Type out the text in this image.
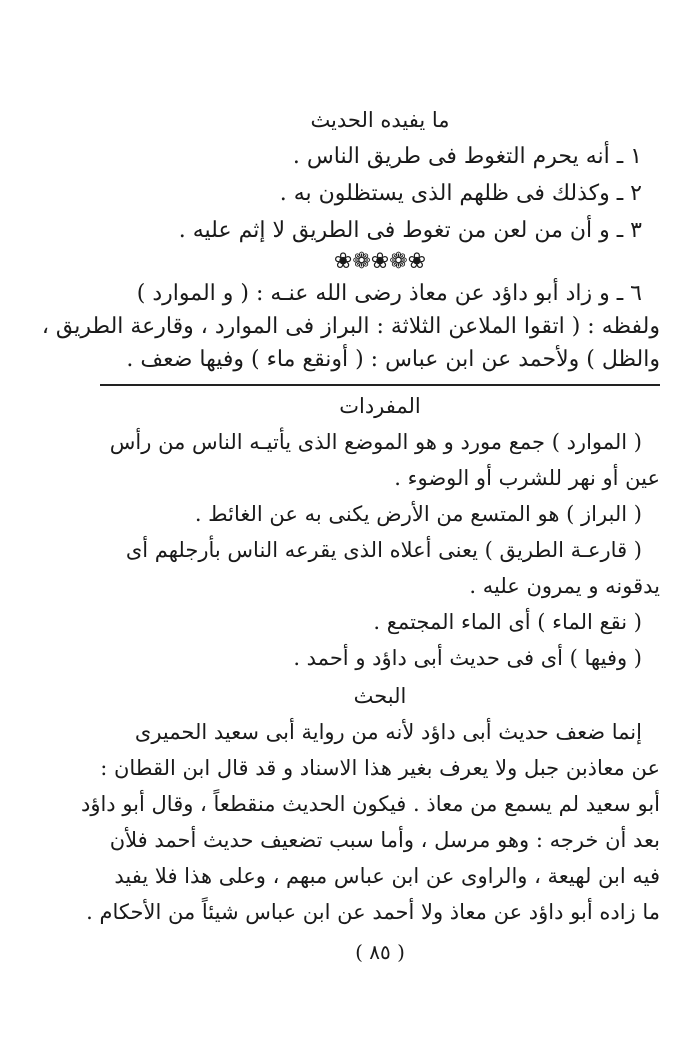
ما يفيده الحديث
١ ـ أنه يحرم التغوط فى طريق الناس .
٢ ـ وكذلك فى ظلهم الذى يستظلون به .
٣ ـ و أن من لعن من تغوط فى الطريق لا إثم عليه .
❀❁❀❁❀
٦ ـ و زاد أبو داؤد عن معاذ رضى الله عنـه : ( و الموارد )
ولفظه : ( اتقوا الملاعن الثلاثة : البراز فى الموارد ، وقارعة الطريق ،
والظل ) ولأحمد عن ابن عباس : ( أونقع ماء ) وفيها ضعف .
المفردات
( الموارد ) جمع مورد و هو الموضع الذى يأتيـه الناس من رأس
عين أو نهر للشرب أو الوضوء .
( البراز ) هو المتسع من الأرض يكنى به عن الغائط .
( قارعـة الطريق ) يعنى أعلاه الذى يقرعه الناس بأرجلهم أى
يدقونه و يمرون عليه .
( نقع الماء ) أى الماء المجتمع .
( وفيها ) أى فى حديث أبى داؤد و أحمد .
البحث
إنما ضعف حديث أبى داؤد لأنه من رواية أبى سعيد الحميرى
عن معاذبن جبل ولا يعرف بغير هذا الاسناد و قد قال ابن القطان :
أبو سعيد لم يسمع من معاذ . فيكون الحديث منقطعاً ، وقال أبو داؤد
بعد أن خرجه : وهو مرسل ، وأما سبب تضعيف حديث أحمد فلأن
فيه ابن لهيعة ، والراوى عن ابن عباس مبهم ، وعلى هذا فلا يفيد
ما زاده أبو داؤد عن معاذ ولا أحمد عن ابن عباس شيئاً من الأحكام .
( ٨٥ )
